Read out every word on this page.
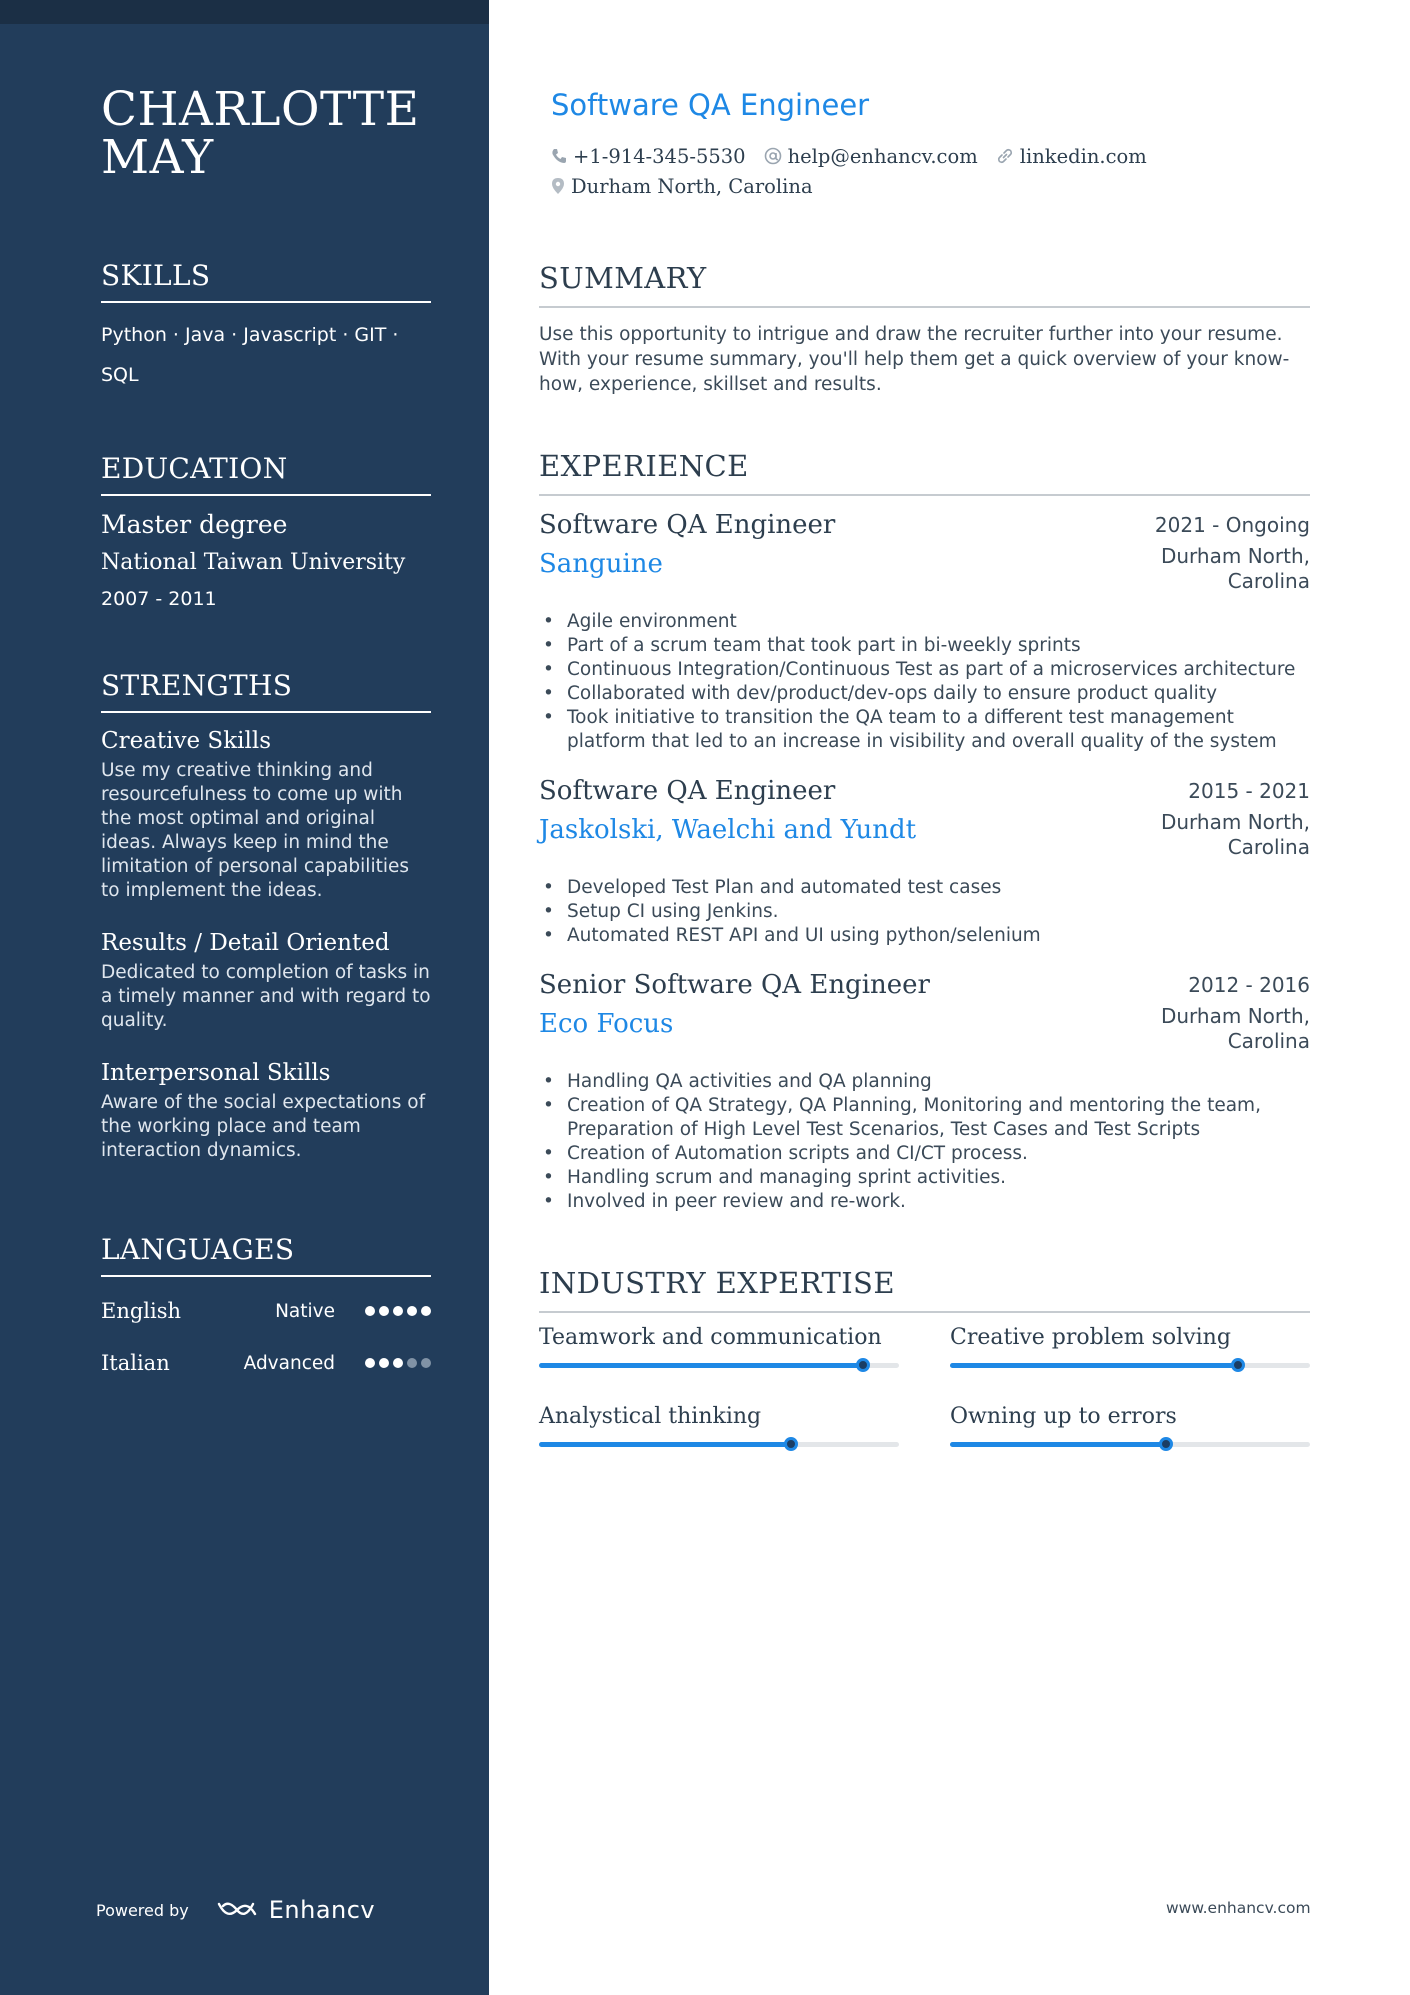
CHARLOTTE MAY
SKILLS
Python · Java · Javascript · GIT · SQL
EDUCATION
Master degree
National Taiwan University
2007 - 2011
STRENGTHS
Creative Skills
Use my creative thinking and resourcefulness to come up with the most optimal and original ideas. Always keep in mind the limitation of personal capabilities to implement the ideas.
Results / Detail Oriented
Dedicated to completion of tasks in a timely manner and with regard to quality.
Interpersonal Skills
Aware of the social expectations of the working place and team interaction dynamics.
LANGUAGES
English	Native
Italian	Advanced
Powered by	Enhancv
Software QA Engineer
+1-914-345-5530 help@enhancv.com linkedin.com
Durham North, Carolina
SUMMARY
Use this opportunity to intrigue and draw the recruiter further into your resume. With your resume summary, you'll help them get a quick overview of your know-how, experience, skillset and results.
EXPERIENCE
Software QA Engineer	2021 - Ongoing
Sanguine	Durham North,
Carolina
• Agile environment
• Part of a scrum team that took part in bi-weekly sprints
• Continuous Integration/Continuous Test as part of a microservices architecture
• Collaborated with dev/product/dev-ops daily to ensure product quality
• Took initiative to transition the QA team to a different test management platform that led to an increase in visibility and overall quality of the system
Software QA Engineer	2015 - 2021
Jaskolski, Waelchi and Yundt	Durham North,
Carolina
• Developed Test Plan and automated test cases
• Setup CI using Jenkins.
• Automated REST API and UI using python/selenium
Senior Software QA Engineer	2012 - 2016
Eco Focus	Durham North,
Carolina
• Handling QA activities and QA planning
• Creation of QA Strategy, QA Planning, Monitoring and mentoring the team, Preparation of High Level Test Scenarios, Test Cases and Test Scripts
• Creation of Automation scripts and CI/CT process.
• Handling scrum and managing sprint activities.
• Involved in peer review and re-work.
INDUSTRY EXPERTISE
Teamwork and communication	Creative problem solving
Analystical thinking	Owning up to errors
www.enhancv.com
